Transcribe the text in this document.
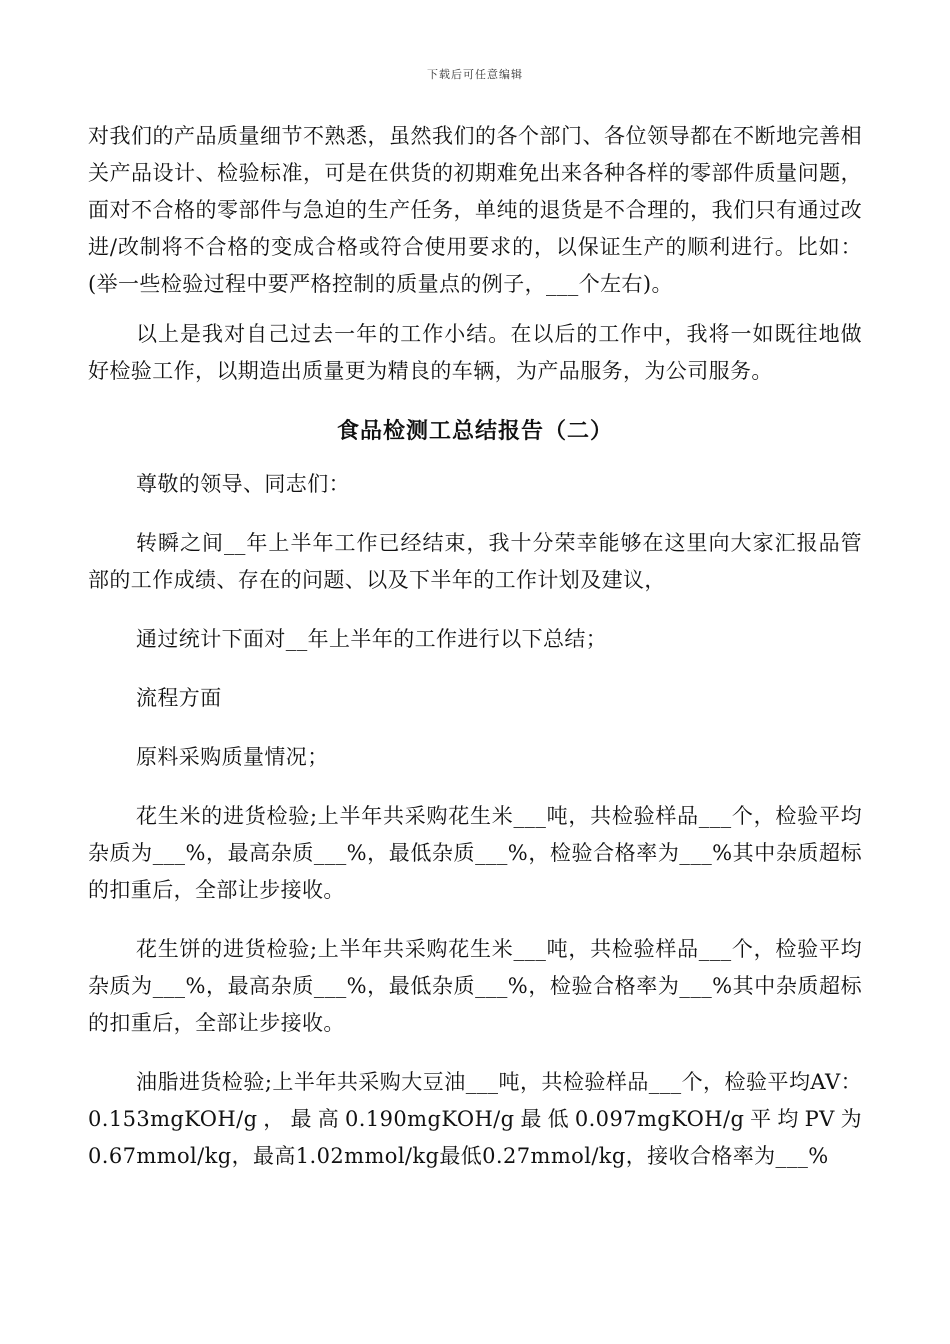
下载后可任意编辑

对我们的产品质量细节不熟悉，虽然我们的各个部门、各位领导都在不断地完善相关产品设计、检验标准，可是在供货的初期难免出来各种各样的零部件质量问题，面对不合格的零部件与急迫的生产任务，单纯的退货是不合理的，我们只有通过改进/改制将不合格的变成合格或符合使用要求的，以保证生产的顺利进行。比如：(举一些检验过程中要严格控制的质量点的例子，___个左右)。

以上是我对自己过去一年的工作小结。在以后的工作中，我将一如既往地做好检验工作，以期造出质量更为精良的车辆，为产品服务，为公司服务。

食品检测工总结报告（二）

尊敬的领导、同志们：

转瞬之间__年上半年工作已经结束，我十分荣幸能够在这里向大家汇报品管部的工作成绩、存在的问题、以及下半年的工作计划及建议，

通过统计下面对__年上半年的工作进行以下总结；

流程方面

原料采购质量情况；

花生米的进货检验;上半年共采购花生米___吨，共检验样品___个，检验平均杂质为___%，最高杂质___%，最低杂质___%，检验合格率为___%其中杂质超标的扣重后，全部让步接收。

花生饼的进货检验;上半年共采购花生米___吨，共检验样品___个，检验平均杂质为___%，最高杂质___%，最低杂质___%，检验合格率为___%其中杂质超标的扣重后，全部让步接收。

油脂进货检验;上半年共采购大豆油___吨，共检验样品___个，检验平均AV：0.153mgKOH/g，最高0.190mgKOH/g最低0.097mgKOH/g平均PV为0.67mmol/kg，最高1.02mmol/kg最低0.27mmol/kg，接收合格率为___%
